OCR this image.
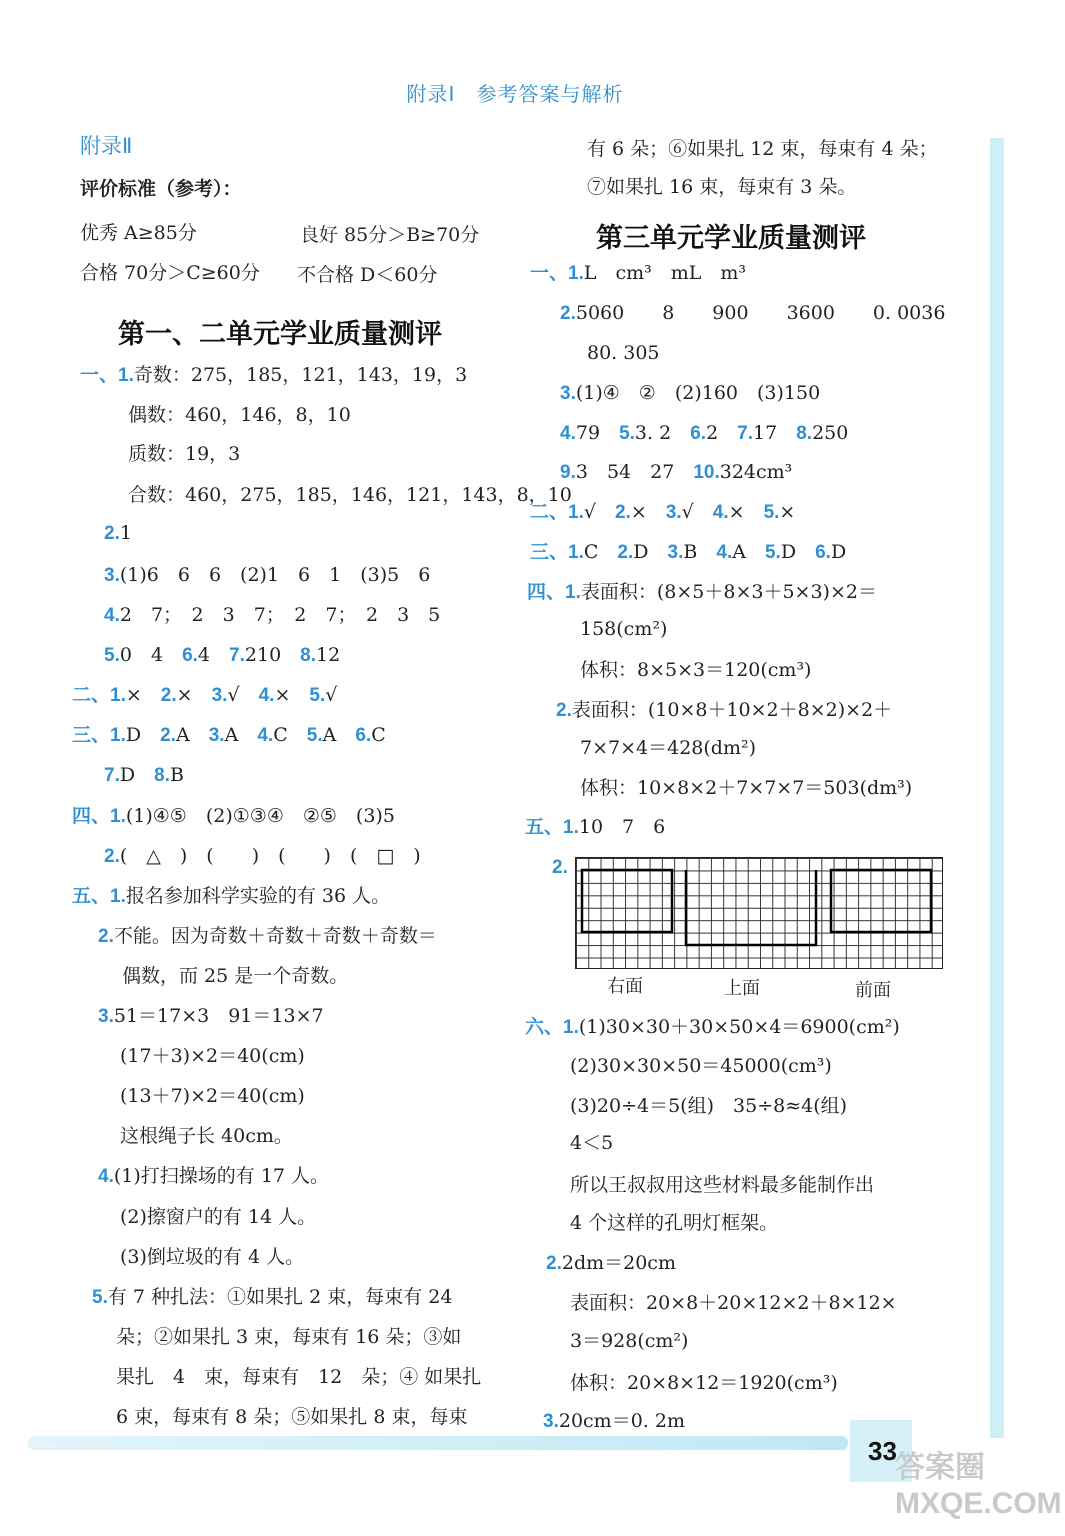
33
答案圈
MXQE.COM
附录Ⅰ　参考答案与解析
附录Ⅱ
评价标准（参考）：
优秀 A≥85分	良好 85分＞B≥70分
合格 70分＞C≥60分 不合格 D＜60分
第一、二单元学业质量测评
一、1.奇数：275，185，121，143，19，3
偶数：460，146，8，10
质数：19，3
合数：460，275，185，146，121，143，8，10
2.1
3.(1)6　6　6　(2)1　6　1　(3)5　6
4.2　7；　2　3　7；　2　7；　2　3　5
5.0　4　 6.4　 7.210　 8.12
二、1.×　 2.×　 3.√　 4.×　 5.√
三、1.D　 2.A　 3.A　 4.C　 5.A　 6.C
7.D　 8.B
四、1.(1)④⑤　(2)①③④　②⑤　(3)5
2.(　△　)　(　　)　(　　)　(　□　)
五、1.报名参加科学实验的有 36 人。
2.不能。因为奇数＋奇数＋奇数＋奇数＝
偶数，而 25 是一个奇数。
3.51＝17×3　91＝13×7
(17＋3)×2＝40(cm)
(13＋7)×2＝40(cm)
这根绳子长 40cm。
4.(1)打扫操场的有 17 人。
(2)擦窗户的有 14 人。
(3)倒垃圾的有 4 人。
5.有 7 种扎法：①如果扎 2 束，每束有 24
朵；②如果扎 3 束，每束有 16 朵；③如
果扎　4　束，每束有　12　朵；④ 如果扎
6 束，每束有 8 朵；⑤如果扎 8 束，每束
有 6 朵；⑥如果扎 12 束，每束有 4 朵；
⑦如果扎 16 束，每束有 3 朵。
第三单元学业质量测评
一、1.L　cm³　mL　m³
2.5060　　8　　900　　3600　　0. 0036
80. 305
3.(1)④　②　(2)160　(3)150
4.79　 5.3. 2　 6.2　 7.17　 8.250
9.3　54　27　 10.324cm³
二、1.√　 2.×　 3.√　 4.×　 5.×
三、1.C　 2.D　 3.B　 4.A　 5.D　 6.D
四、1.表面积：(8×5＋8×3＋5×3)×2＝
158(cm²)
体积：8×5×3＝120(cm³)
2.表面积：(10×8＋10×2＋8×2)×2＋
7×7×4＝428(dm²)
体积：10×8×2＋7×7×7＝503(dm³)
五、1.10　7　6
2.
右面	上面	前面
六、1.(1)30×30＋30×50×4＝6900(cm²)
(2)30×30×50＝45000(cm³)
(3)20÷4＝5(组)　35÷8≈4(组)
4＜5
所以王叔叔用这些材料最多能制作出
4 个这样的孔明灯框架。
2.2dm＝20cm
表面积：20×8＋20×12×2＋8×12×
3＝928(cm²)
体积：20×8×12＝1920(cm³)
3.20cm＝0. 2m
